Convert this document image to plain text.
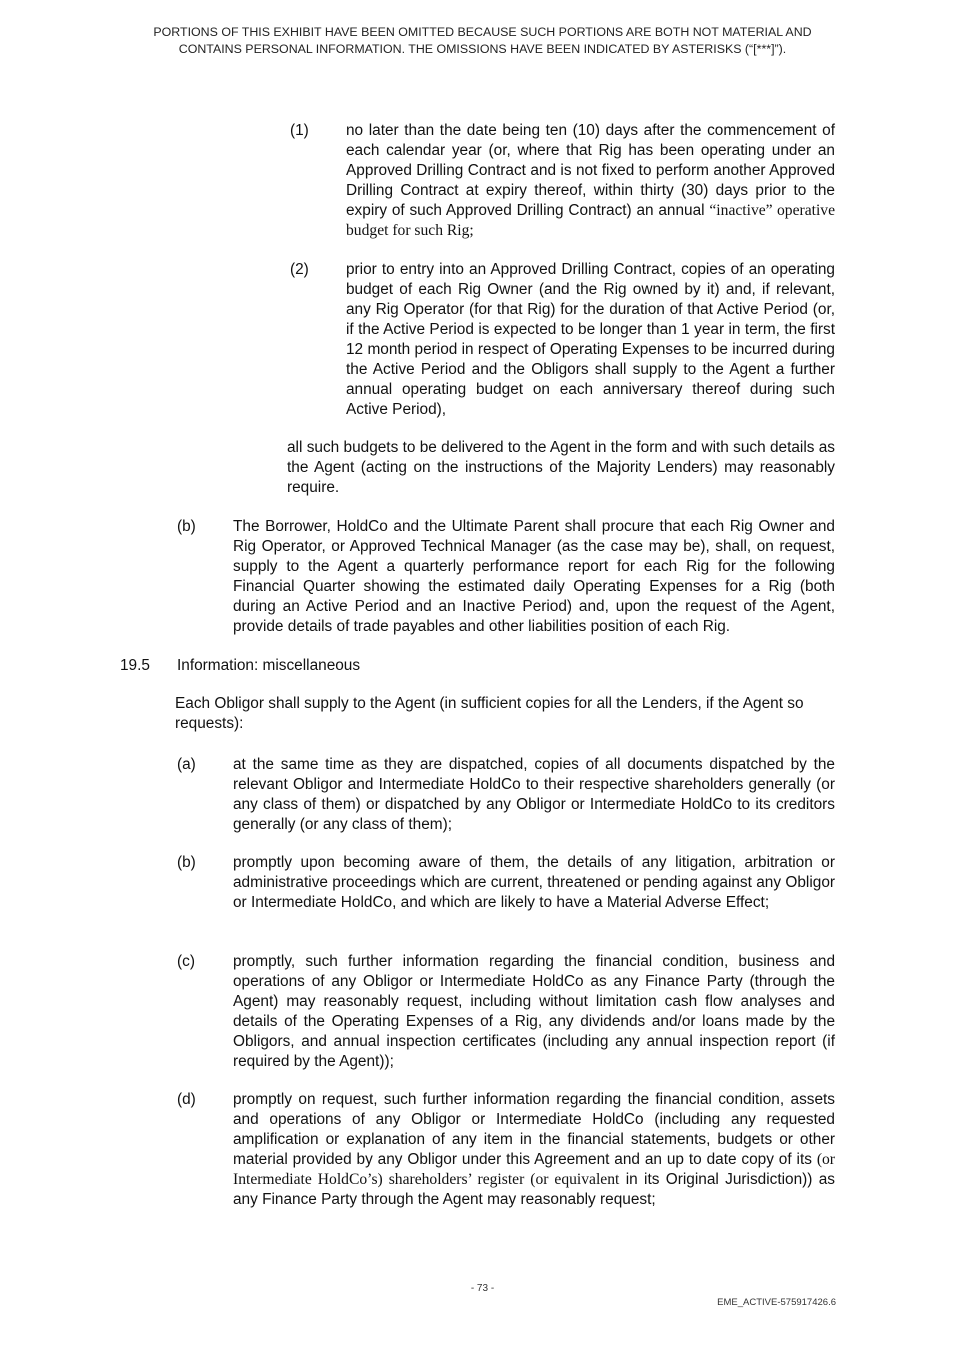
PORTIONS OF THIS EXHIBIT HAVE BEEN OMITTED BECAUSE SUCH PORTIONS ARE BOTH NOT MATERIAL AND
CONTAINS PERSONAL INFORMATION. THE OMISSIONS HAVE BEEN INDICATED BY ASTERISKS (“[***]”).
(1) no later than the date being ten (10) days after the commencement of each calendar year (or, where that Rig has been operating under an Approved Drilling Contract and is not fixed to perform another Approved Drilling Contract at expiry thereof, within thirty (30) days prior to the expiry of such Approved Drilling Contract) an annual “inactive” operative budget for such Rig;
(2) prior to entry into an Approved Drilling Contract, copies of an operating budget of each Rig Owner (and the Rig owned by it) and, if relevant, any Rig Operator (for that Rig) for the duration of that Active Period (or, if the Active Period is expected to be longer than 1 year in term, the first 12 month period in respect of Operating Expenses to be incurred during the Active Period and the Obligors shall supply to the Agent a further annual operating budget on each anniversary thereof during such Active Period),
all such budgets to be delivered to the Agent in the form and with such details as the Agent (acting on the instructions of the Majority Lenders) may reasonably require.
(b) The Borrower, HoldCo and the Ultimate Parent shall procure that each Rig Owner and Rig Operator, or Approved Technical Manager (as the case may be), shall, on request, supply to the Agent a quarterly performance report for each Rig for the following Financial Quarter showing the estimated daily Operating Expenses for a Rig (both during an Active Period and an Inactive Period) and, upon the request of the Agent, provide details of trade payables and other liabilities position of each Rig.
19.5 Information: miscellaneous
Each Obligor shall supply to the Agent (in sufficient copies for all the Lenders, if the Agent so requests):
(a) at the same time as they are dispatched, copies of all documents dispatched by the relevant Obligor and Intermediate HoldCo to their respective shareholders generally (or any class of them) or dispatched by any Obligor or Intermediate HoldCo to its creditors generally (or any class of them);
(b) promptly upon becoming aware of them, the details of any litigation, arbitration or administrative proceedings which are current, threatened or pending against any Obligor or Intermediate HoldCo, and which are likely to have a Material Adverse Effect;
(c) promptly, such further information regarding the financial condition, business and operations of any Obligor or Intermediate HoldCo as any Finance Party (through the Agent) may reasonably request, including without limitation cash flow analyses and details of the Operating Expenses of a Rig, any dividends and/or loans made by the Obligors, and annual inspection certificates (including any annual inspection report (if required by the Agent));
(d) promptly on request, such further information regarding the financial condition, assets and operations of any Obligor or Intermediate HoldCo (including any requested amplification or explanation of any item in the financial statements, budgets or other material provided by any Obligor under this Agreement and an up to date copy of its (or Intermediate HoldCo’s) shareholders’ register (or equivalent in its Original Jurisdiction)) as any Finance Party through the Agent may reasonably request;
- 73 -
EME_ACTIVE-575917426.6
